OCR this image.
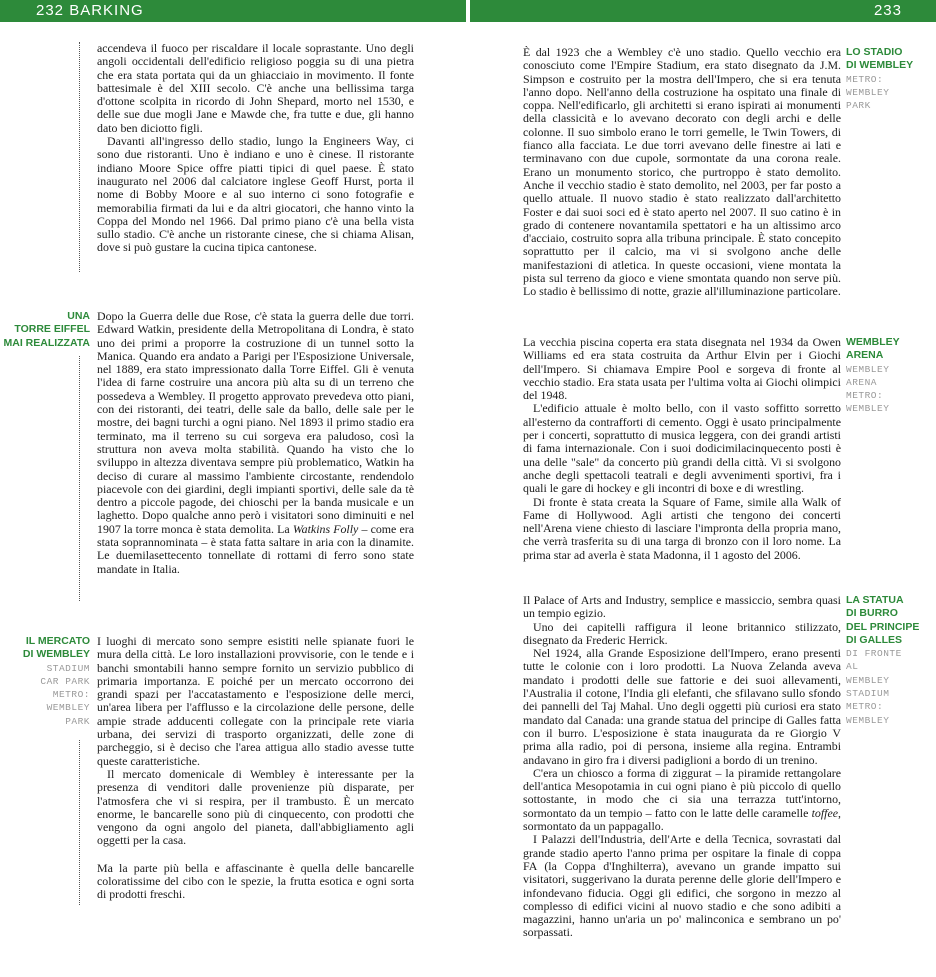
232 BARKING	233

accendeva il fuoco per riscaldare il locale soprastante. Uno degli angoli occidentali dell'edificio religioso poggia su di una pietra che era stata portata qui da un ghiacciaio in movimento. Il fonte battesimale è del XIII secolo. C'è anche una bellissima targa d'ottone scolpita in ricordo di John Shepard, morto nel 1530, e delle sue due mogli Jane e Mawde che, fra tutte e due, gli hanno dato ben diciotto figli.

Davanti all'ingresso dello stadio, lungo la Engineers Way, ci sono due ristoranti. Uno è indiano e uno è cinese. Il ristorante indiano Moore Spice offre piatti tipici di quel paese. È stato inaugurato nel 2006 dal calciatore inglese Geoff Hurst, porta il nome di Bobby Moore e al suo interno ci sono fotografie e memorabilia firmati da lui e da altri giocatori, che hanno vinto la Coppa del Mondo nel 1966. Dal primo piano c'è una bella vista sullo stadio. C'è anche un ristorante cinese, che si chiama Alisan, dove si può gustare la cucina tipica cantonese.

UNA
TORRE EIFFEL
MAI REALIZZATA

Dopo la Guerra delle due Rose, c'è stata la guerra delle due torri. Edward Watkin, presidente della Metropolitana di Londra, è stato uno dei primi a proporre la costruzione di un tunnel sotto la Manica. Quando era andato a Parigi per l'Esposizione Universale, nel 1889, era stato impressionato dalla Torre Eiffel. Gli è venuta l'idea di farne costruire una ancora più alta su di un terreno che possedeva a Wembley. Il progetto approvato prevedeva otto piani, con dei ristoranti, dei teatri, delle sale da ballo, delle sale per le mostre, dei bagni turchi a ogni piano. Nel 1893 il primo stadio era terminato, ma il terreno su cui sorgeva era paludoso, così la struttura non aveva molta stabilità. Quando ha visto che lo sviluppo in altezza diventava sempre più problematico, Watkin ha deciso di curare al massimo l'ambiente circostante, rendendolo piacevole con dei giardini, degli impianti sportivi, delle sale da tè dentro a piccole pagode, dei chioschi per la banda musicale e un laghetto. Dopo qualche anno però i visitatori sono diminuiti e nel 1907 la torre monca è stata demolita. La Watkins Folly – come era stata soprannominata – è stata fatta saltare in aria con la dinamite. Le duemilasettecento tonnellate di rottami di ferro sono state mandate in Italia.

IL MERCATO
DI WEMBLEY
STADIUM
CAR PARK
METRO:
WEMBLEY
PARK

I luoghi di mercato sono sempre esistiti nelle spianate fuori le mura della città. Le loro installazioni provvisorie, con le tende e i banchi smontabili hanno sempre fornito un servizio pubblico di primaria importanza. E poiché per un mercato occorrono dei grandi spazi per l'accatastamento e l'esposizione delle merci, un'area libera per l'afflusso e la circolazione delle persone, delle ampie strade adducenti collegate con la principale rete viaria urbana, dei servizi di trasporto organizzati, delle zone di parcheggio, si è deciso che l'area attigua allo stadio avesse tutte queste caratteristiche.

Il mercato domenicale di Wembley è interessante per la presenza di venditori dalle provenienze più disparate, per l'atmosfera che vi si respira, per il trambusto. È un mercato enorme, le bancarelle sono più di cinquecento, con prodotti che vengono da ogni angolo del pianeta, dall'abbigliamento agli oggetti per la casa.

Ma la parte più bella e affascinante è quella delle bancarelle coloratissime del cibo con le spezie, la frutta esotica e ogni sorta di prodotti freschi.

È dal 1923 che a Wembley c'è uno stadio. Quello vecchio era conosciuto come l'Empire Stadium, era stato disegnato da J.M. Simpson e costruito per la mostra dell'Impero, che si era tenuta l'anno dopo. Nell'anno della costruzione ha ospitato una finale di coppa. Nell'edificarlo, gli architetti si erano ispirati ai monumenti della classicità e lo avevano decorato con degli archi e delle colonne. Il suo simbolo erano le torri gemelle, le Twin Towers, di fianco alla facciata. Le due torri avevano delle finestre ai lati e terminavano con due cupole, sormontate da una corona reale. Erano un monumento storico, che purtroppo è stato demolito. Anche il vecchio stadio è stato demolito, nel 2003, per far posto a quello attuale. Il nuovo stadio è stato realizzato dall'architetto Foster e dai suoi soci ed è stato aperto nel 2007. Il suo catino è in grado di contenere novantamila spettatori e ha un altissimo arco d'acciaio, costruito sopra alla tribuna principale. È stato concepito soprattutto per il calcio, ma vi si svolgono anche delle manifestazioni di atletica. In queste occasioni, viene montata la pista sul terreno da gioco e viene smontata quando non serve più. Lo stadio è bellissimo di notte, grazie all'illuminazione particolare.

LO STADIO
DI WEMBLEY
METRO:
WEMBLEY
PARK

La vecchia piscina coperta era stata disegnata nel 1934 da Owen Williams ed era stata costruita da Arthur Elvin per i Giochi dell'Impero. Si chiamava Empire Pool e sorgeva di fronte al vecchio stadio. Era stata usata per l'ultima volta ai Giochi olimpici del 1948.

L'edificio attuale è molto bello, con il vasto soffitto sorretto all'esterno da contrafforti di cemento. Oggi è usato principalmente per i concerti, soprattutto di musica leggera, con dei grandi artisti di fama internazionale. Con i suoi dodicimilacinquecento posti è una delle "sale" da concerto più grandi della città. Vi si svolgono anche degli spettacoli teatrali e degli avvenimenti sportivi, fra i quali le gare di hockey e gli incontri di boxe e di wrestling.

Di fronte è stata creata la Square of Fame, simile alla Walk of Fame di Hollywood. Agli artisti che tengono dei concerti nell'Arena viene chiesto di lasciare l'impronta della propria mano, che verrà trasferita su di una targa di bronzo con il loro nome. La prima star ad averla è stata Madonna, il 1 agosto del 2006.

WEMBLEY
ARENA
WEMBLEY
ARENA
METRO:
WEMBLEY

Il Palace of Arts and Industry, semplice e massiccio, sembra quasi un tempio egizio.

Uno dei capitelli raffigura il leone britannico stilizzato, disegnato da Frederic Herrick.

Nel 1924, alla Grande Esposizione dell'Impero, erano presenti tutte le colonie con i loro prodotti. La Nuova Zelanda aveva mandato i prodotti delle sue fattorie e dei suoi allevamenti, l'Australia il cotone, l'India gli elefanti, che sfilavano sullo sfondo dei pannelli del Taj Mahal. Uno degli oggetti più curiosi era stato mandato dal Canada: una grande statua del principe di Galles fatta con il burro. L'esposizione è stata inaugurata da re Giorgio V prima alla radio, poi di persona, insieme alla regina. Entrambi andavano in giro fra i diversi padiglioni a bordo di un trenino.

C'era un chiosco a forma di ziggurat – la piramide rettangolare dell'antica Mesopotamia in cui ogni piano è più piccolo di quello sottostante, in modo che ci sia una terrazza tutt'intorno, sormontato da un tempio – fatto con le latte delle caramelle toffee, sormontato da un pappagallo.

I Palazzi dell'Industria, dell'Arte e della Tecnica, sovrastati dal grande stadio aperto l'anno prima per ospitare la finale di coppa FA (la Coppa d'Inghilterra), avevano un grande impatto sui visitatori, suggerivano la durata perenne delle glorie dell'Impero e infondevano fiducia. Oggi gli edifici, che sorgono in mezzo al complesso di edifici vicini al nuovo stadio e che sono adibiti a magazzini, hanno un'aria un po' malinconica e sembrano un po' sorpassati.

LA STATUA
DI BURRO
DEL PRINCIPE
DI GALLES
DI FRONTE
AL
WEMBLEY
STADIUM
METRO:
WEMBLEY
